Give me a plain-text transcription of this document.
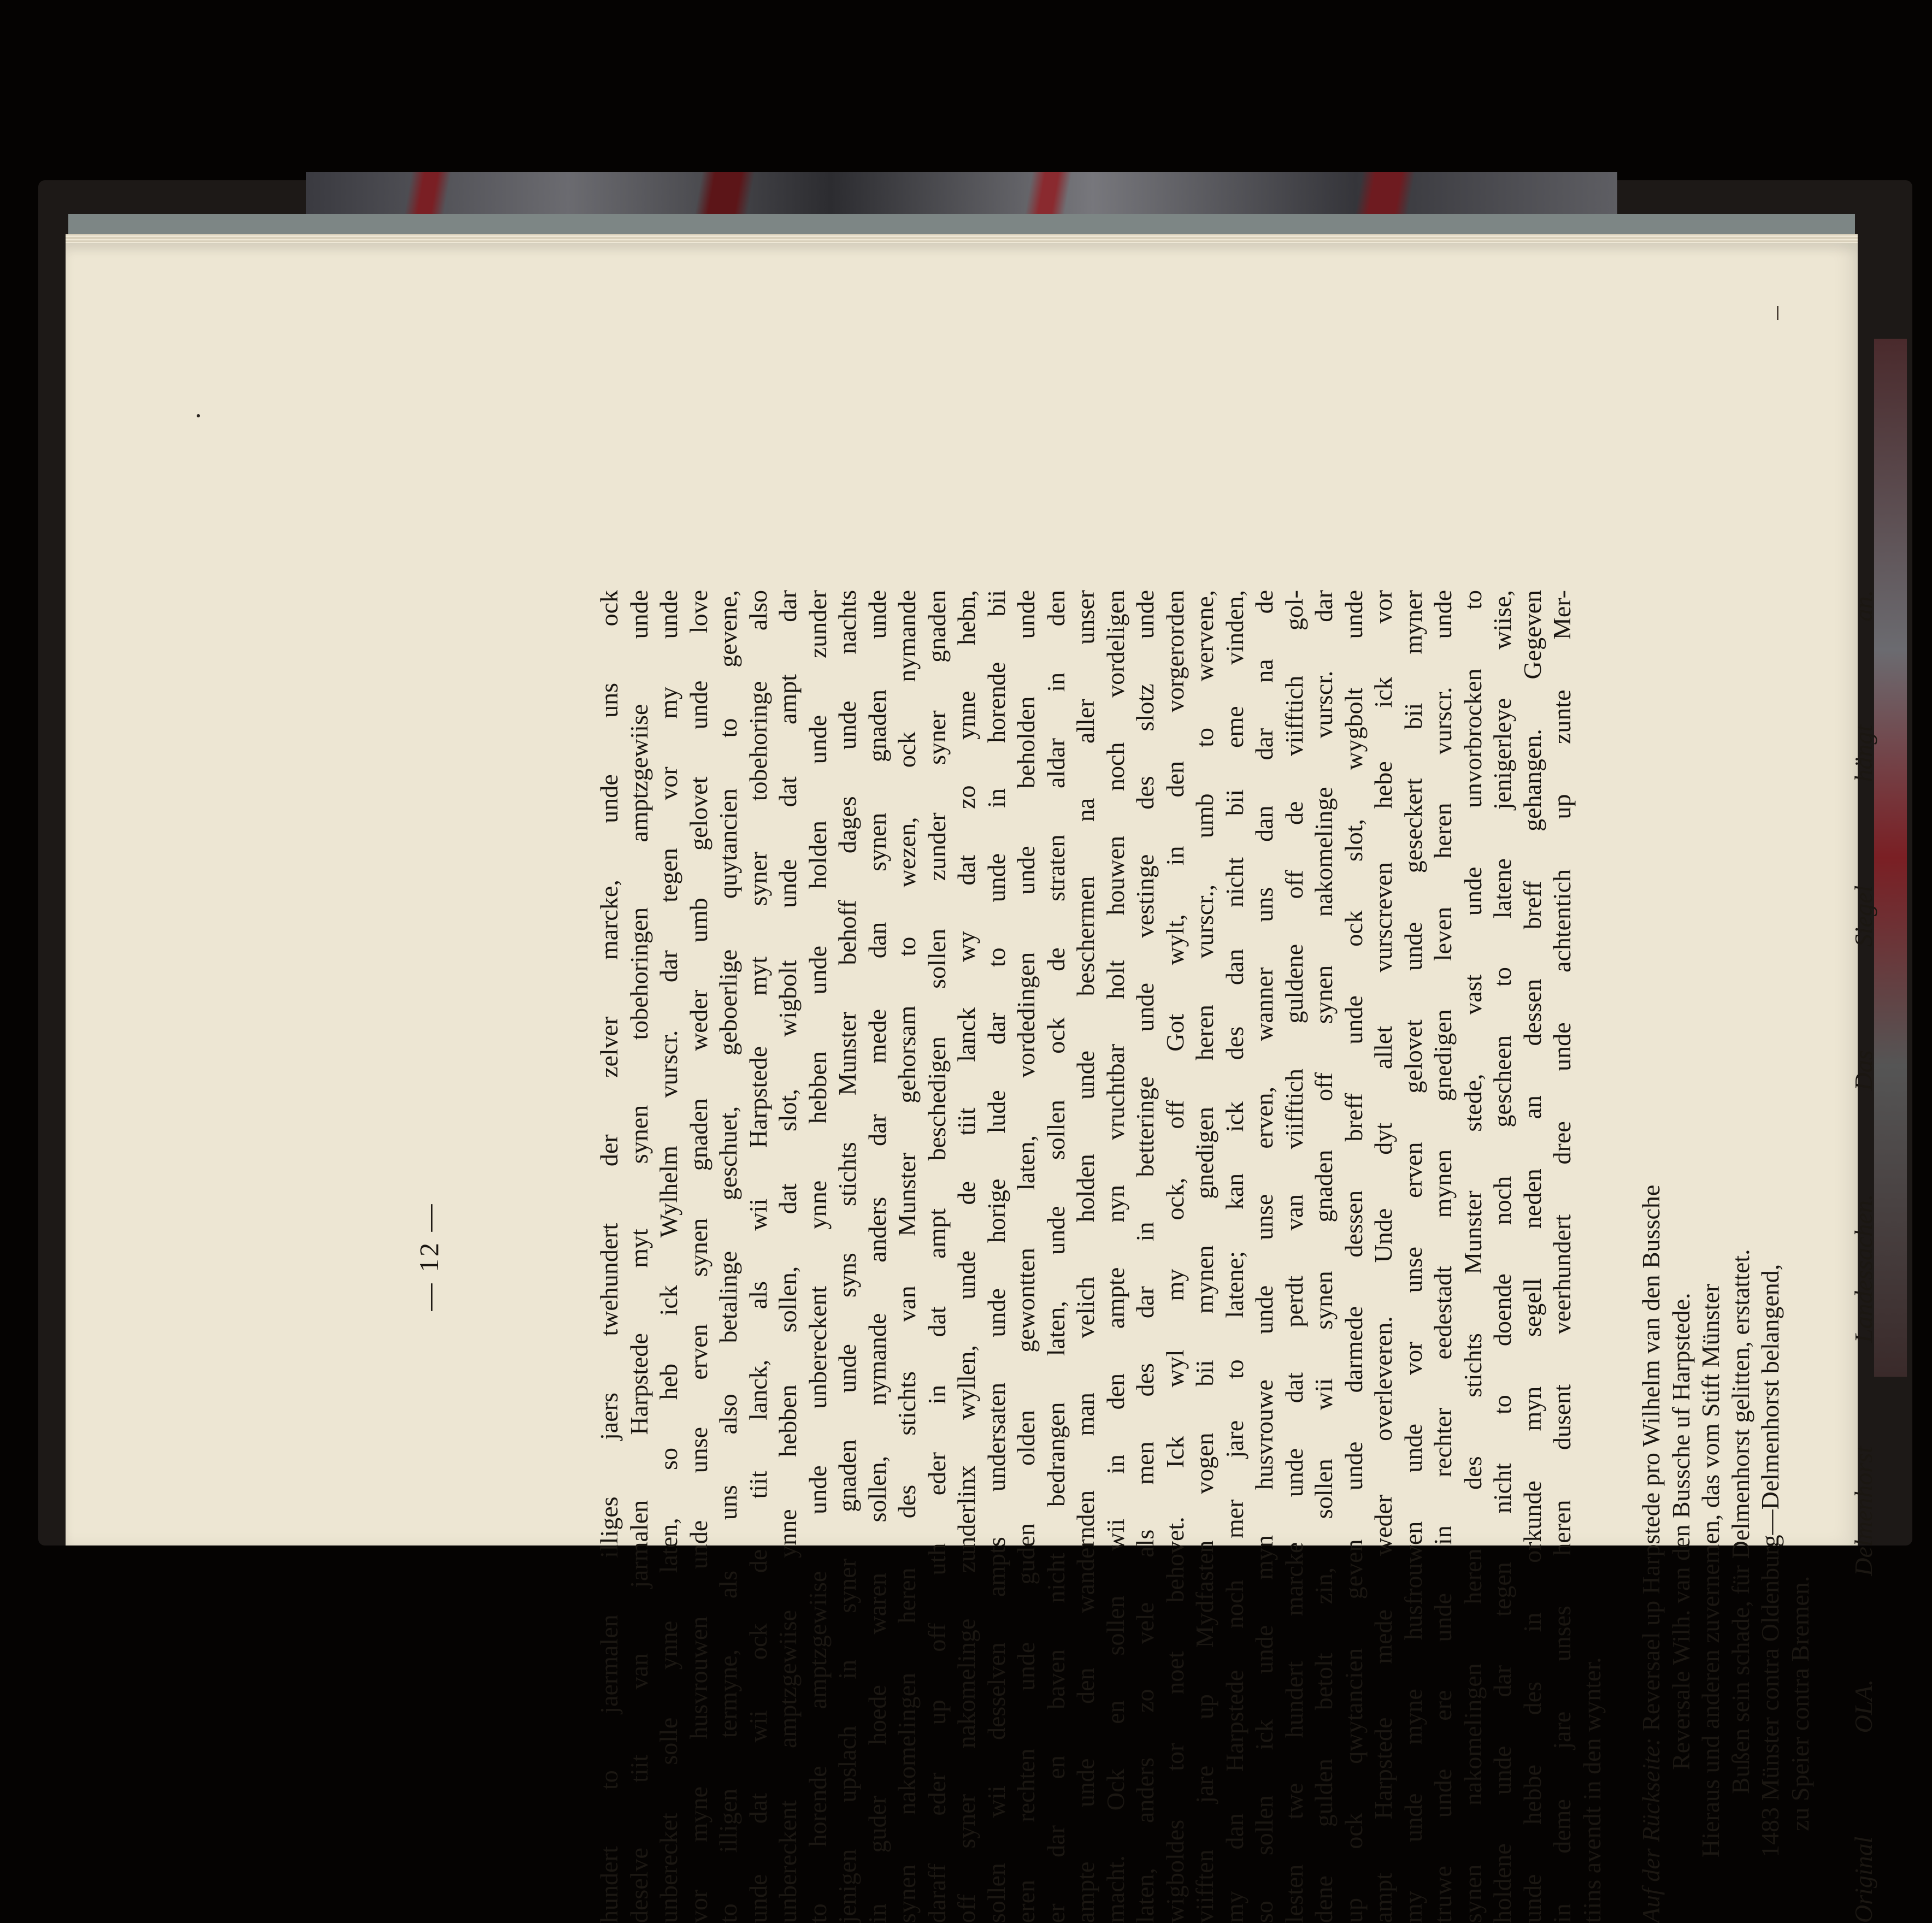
— 12 —	hundert to jaermalen illiges jaers twehundert der zelver marcke, unde uns ock deselve tiit van jarmalen Harpstede myt synen tobehoringen amptzgewiise unde unberecket solle ynne laten, so heb ick Wylhelm vurscr. dar tegen vor my unde vor myne husvrouwen unde unse erven synen gnaden weder umb gelovet unde love to illigen termyne, als uns also betalinge geschuet, geboerlige quytancien to gevene, unde dat wii ock de tiit lanck, als wii Harpstede myt syner tobehoringe also unbereckent amptzgewiise ynne hebben sollen, dat slot, wigbolt unde dat ampt dar to horende amptzgewiise unde unbereckent ynne hebben unde holden unde zunder jenigen upslach in syner gnaden unde syns stichts Munster behoff dages unde nachts in guder hoede waren sollen, nymande anders dar mede dan synen gnaden unde synen nakomelingen heren des stichts van Munster gehorsam to wezen, ock nymande daraff eder up off uth eder in dat ampt beschedigen sollen zunder syner gnaden off syner nakomelinge zunderlinx wyllen, unde de tiit lanck wy dat zo ynne hebn, sollen wii desselven ampts undersaten unde horige lude dar to unde in horende bii eren rechten unde guden olden gewontten laten, vordedingen unde beholden unde er dar en baven nicht bedrangen laten, unde sollen ock de straten aldar in den ampte unde den wandernden man velich holden unde beschermen na aller unser macht. Ock en sollen wii in den ampte nyn vruchtbar holt houwen noch vordeligen laten, anders zo vele als men des dar in betteringe unde vestinge des slotz unde wigboldes tor noet behovet. Ick wyl my ock, off Got wylt, in den vorgerorden viifften jare up Mydfasten vogen bii mynen gnedigen heren vurscr., umb to wervene, my dan Harpstede noch mer jare to latene; kan ick des dan nicht bii eme vinden, so sollen ick unde myn husvrouwe unde unse erven, wanner uns dan dar na de lesten twe hundert marcke unde dat perdt van viifftich guldene off de viifftich gol- dene gulden betolt zin, sollen wii synen gnaden off synen nakomelinge vurscr. dar up ock qwytancien geven unde darmede dessen breff unde ock slot, wygbolt unde ampt Harpstede mede weder overleveren. Unde dyt allet vurscreven hebe ick vor my unde myne husfrouwen unde vor unse erven gelovet unde geseckert bii myner truwe unde ere unde in rechter eedestadt mynen gnedigen leven heren vurscr. unde synen nakomelingen heren des stichts Munster stede, vast unde unvorbrocken to holdene unde dar tegen nicht to doende noch gescheen to latene jenigerleye wiise, unde hebbe des in orkunde myn segell neden an dessen breff gehangen. Gegeven in deme jare unses heren dusent veerhundert dree unde achtentich up zunte Mer- tiins avendt in den wynter. Auf der Rückseite: Reversael up Harpstede pro Wilhelm van den Bussche Reversale Wilh. van den Bussche uf Harpstede. Hieraus und anderen zuvernemen, das vom Stift Münster Bußen sein schade, für Delmenhorst gelitten, erstattet. 1483 Münster contra Oldenburg—Delmenhorst belangend, zu Speier contra Bremen. Original OLA. Delmenhorst Landessachen. Das Siegel hängt an.
